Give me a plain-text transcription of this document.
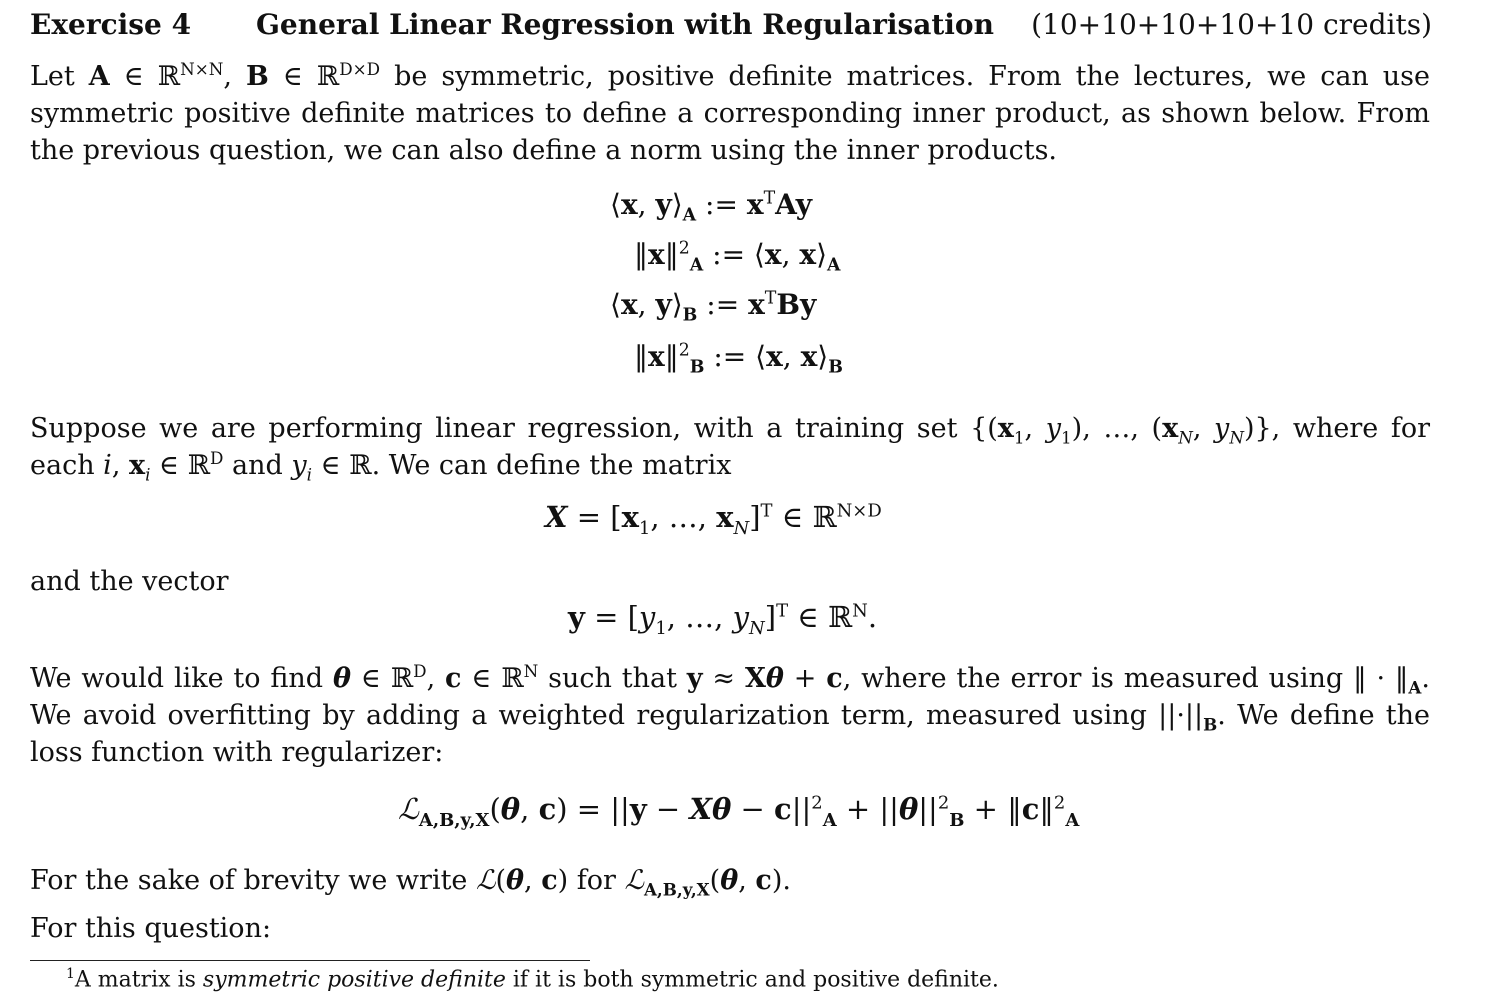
Exercise 4 General Linear Regression with Regularisation (10+10+10+10+10 credits)
Let A ∈ ℝ$^{N\times N}$, B ∈ ℝ$^{D\times D}$ be symmetric, positive definite matrices. From the lectures, we can use symmetric positive definite matrices to define a corresponding inner product, as shown below. From the previous question, we can also define a norm using the inner products.
⟨x, $y⟩_A$ := $x^TAy$
‖x‖$^2_A$ := ⟨x, $x⟩_A$
⟨x, $y⟩_B$ := $x^TBy$
‖x‖$^2_B$ := ⟨x, $x⟩_B$
Suppose we are performing linear regression, with a training set {($x_1$, $y_1$), …, ($x_N$, $y_N$)}, where for each i, $x_i$ ∈ ℝ$^D$ and $y_i$ ∈ ℝ. We can define the matrix
$X = [x_1$, …, $x_N]^T$ ∈ ℝ$^{N\times D}$
and the vector
$y = [y_1$, …, $y_N]^T$ ∈ ℝ$^N$.
We would like to find θ ∈ ℝ$^D$, c ∈ ℝ$^N$ such that y ≈ Xθ + c, where the error is measured using ‖ · $‖_A$. We avoid overfitting by adding a weighted regularization term, measured using $||\cdot||_B$. We define the loss function with regularizer:
ℒ$_{A,B,y,X}$(θ, $c) = ||y - X\theta - c||^2_A + ||\theta||^2_B$ + ‖c‖$^2_A$
For the sake of brevity we write ℒ(θ, c) for ℒ$_{A,B,y,X}$(θ, c).
For this question:
$^1$A matrix is symmetric positive definite if it is both symmetric and positive definite.
